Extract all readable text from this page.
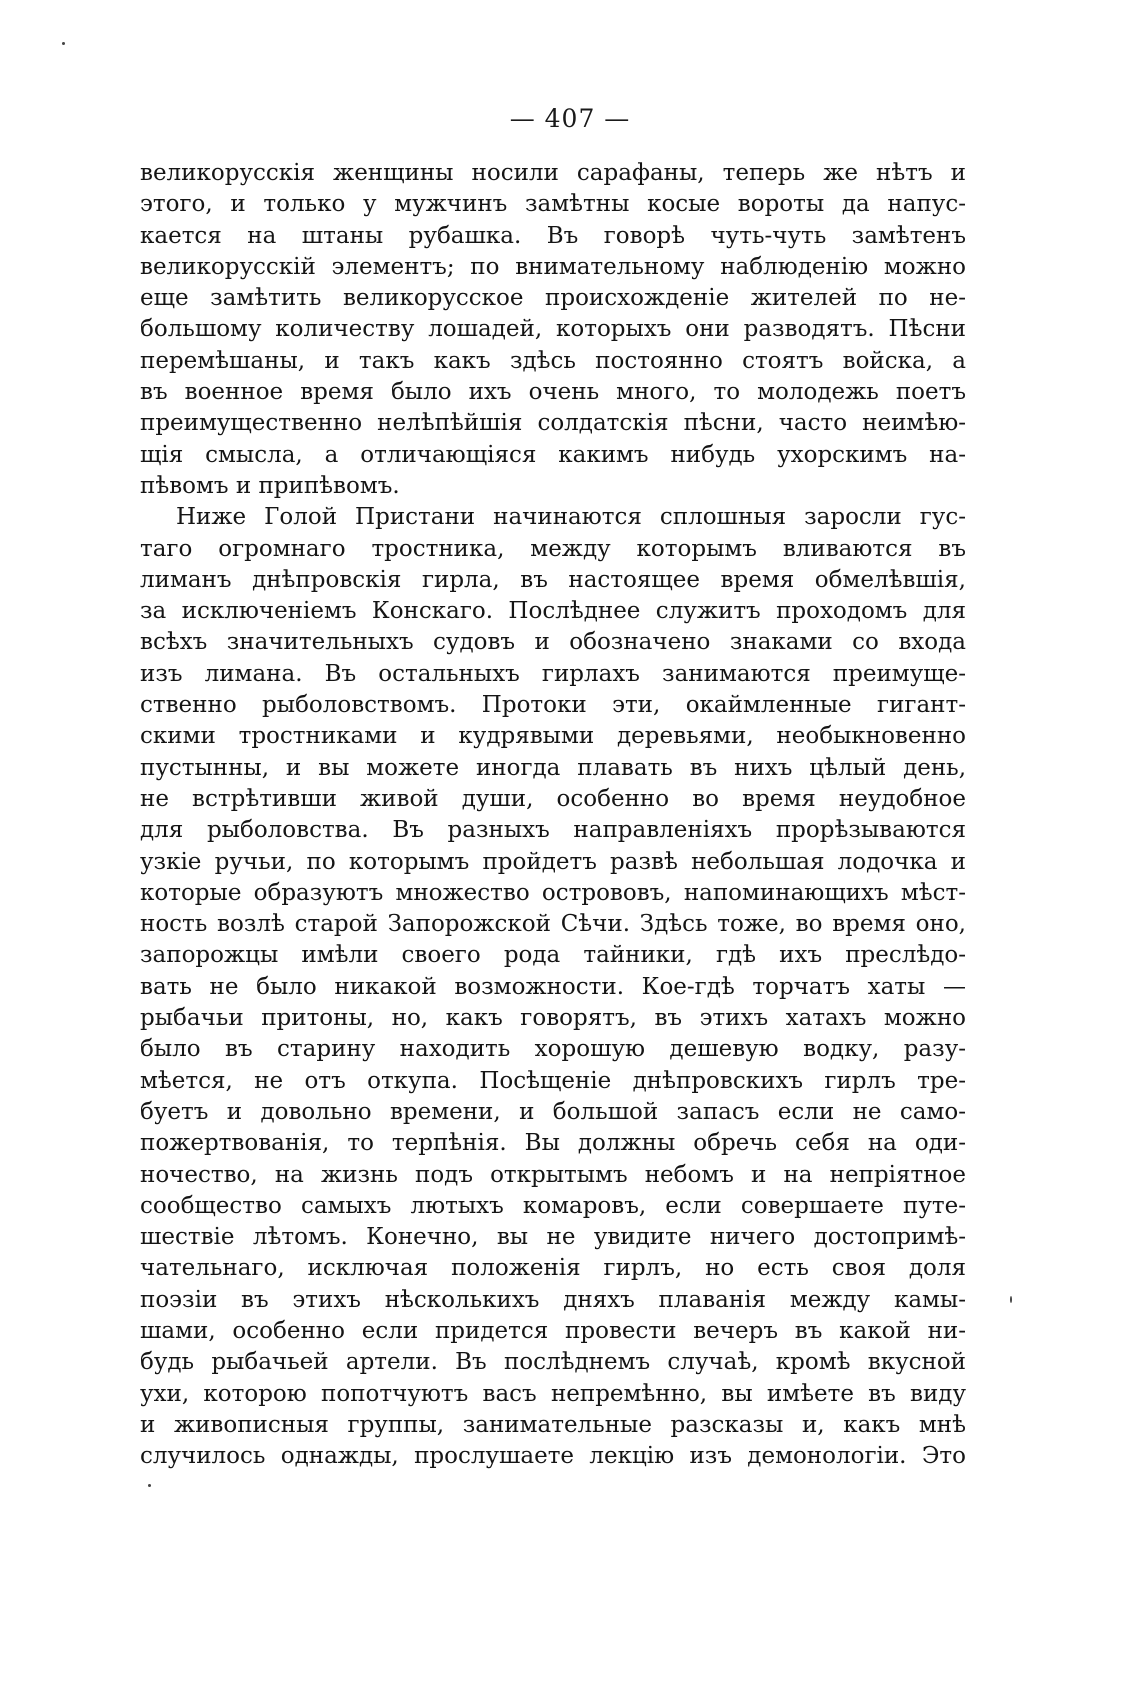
— 407 —
великорусскія женщины носили сарафаны, теперь же нѣтъ и
этого, и только у мужчинъ замѣтны косые вороты да напус-
кается на штаны рубашка. Въ говорѣ чуть-чуть замѣтенъ
великорусскій элементъ; по внимательному наблюденію можно
еще замѣтить великорусское происхожденіе жителей по не-
большому количеству лошадей, которыхъ они разводятъ. Пѣсни
перемѣшаны, и такъ какъ здѣсь постоянно стоятъ войска, а
въ военное время было ихъ очень много, то молодежь поетъ
преимущественно нелѣпѣйшія солдатскія пѣсни, часто неимѣю-
щія смысла, а отличающіяся какимъ нибудь ухорскимъ на-
пѣвомъ и припѣвомъ.
Ниже Голой Пристани начинаются сплошныя заросли гус-
таго огромнаго тростника, между которымъ вливаются въ
лиманъ днѣпровскія гирла, въ настоящее время обмелѣвшія,
за исключеніемъ Конскаго. Послѣднее служитъ проходомъ для
всѣхъ значительныхъ судовъ и обозначено знаками со входа
изъ лимана. Въ остальныхъ гирлахъ занимаются преимуще-
ственно рыболовствомъ. Протоки эти, окаймленные гигант-
скими тростниками и кудрявыми деревьями, необыкновенно
пустынны, и вы можете иногда плавать въ нихъ цѣлый день,
не встрѣтивши живой души, особенно во время неудобное
для рыболовства. Въ разныхъ направленіяхъ прорѣзываются
узкіе ручьи, по которымъ пройдетъ развѣ небольшая лодочка и
которые образуютъ множество острововъ, напоминающихъ мѣст-
ность возлѣ старой Запорожской Сѣчи. Здѣсь тоже, во время оно,
запорожцы имѣли своего рода тайники, гдѣ ихъ преслѣдо-
вать не было никакой возможности. Кое-гдѣ торчатъ хаты —
рыбачьи притоны, но, какъ говорятъ, въ этихъ хатахъ можно
было въ старину находить хорошую дешевую водку, разу-
мѣется, не отъ откупа. Посѣщеніе днѣпровскихъ гирлъ тре-
буетъ и довольно времени, и большой запасъ если не само-
пожертвованія, то терпѣнія. Вы должны обречь себя на оди-
ночество, на жизнь подъ открытымъ небомъ и на непріятное
сообщество самыхъ лютыхъ комаровъ, если совершаете путе-
шествіе лѣтомъ. Конечно, вы не увидите ничего достопримѣ-
чательнаго, исключая положенія гирлъ, но есть своя доля
поэзіи въ этихъ нѣсколькихъ дняхъ плаванія между камы-
шами, особенно если придется провести вечеръ въ какой ни-
будь рыбачьей артели. Въ послѣднемъ случаѣ, кромѣ вкусной
ухи, которою попотчуютъ васъ непремѣнно, вы имѣете въ виду
и живописныя группы, занимательные разсказы и, какъ мнѣ
случилось однажды, прослушаете лекцію изъ демонологіи. Это
